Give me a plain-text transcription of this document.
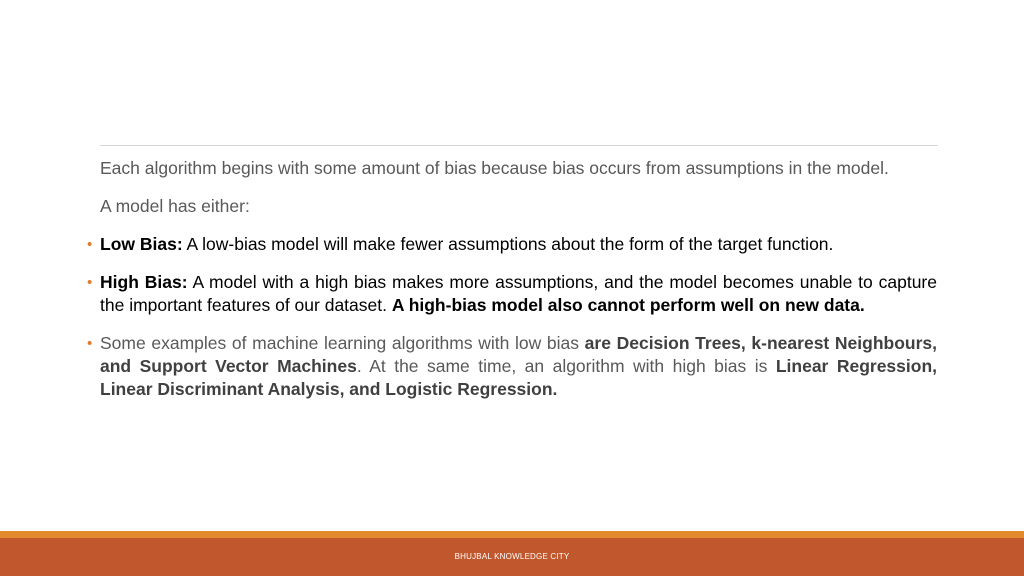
Each algorithm begins with some amount of bias because bias occurs from assumptions in the model.

A model has either:

• Low Bias: A low-bias model will make fewer assumptions about the form of the target function.

• High Bias: A model with a high bias makes more assumptions, and the model becomes unable to capture the important features of our dataset. A high-bias model also cannot perform well on new data.

• Some examples of machine learning algorithms with low bias are Decision Trees, k-nearest Neighbours, and Support Vector Machines. At the same time, an algorithm with high bias is Linear Regression, Linear Discriminant Analysis, and Logistic Regression.

BHUJBAL KNOWLEDGE CITY
